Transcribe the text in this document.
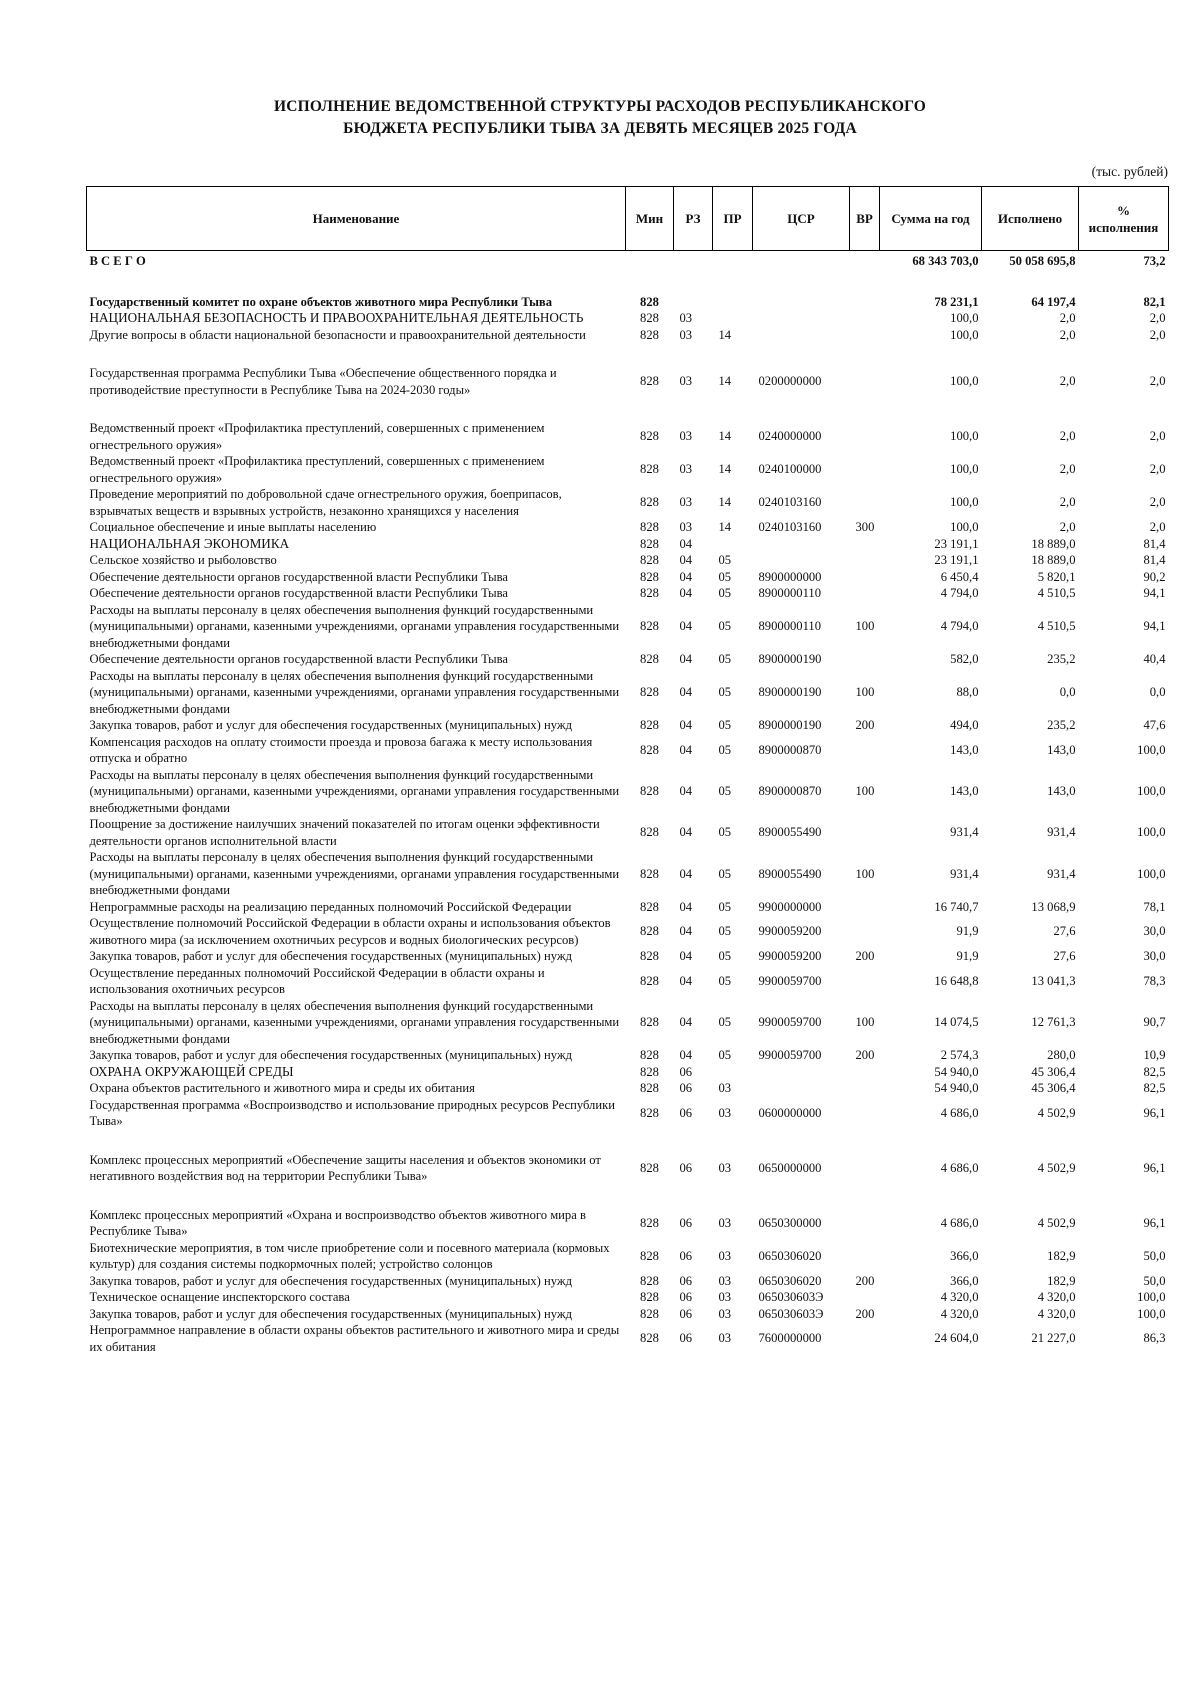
ИСПОЛНЕНИЕ ВЕДОМСТВЕННОЙ СТРУКТУРЫ РАСХОДОВ РЕСПУБЛИКАНСКОГО
БЮДЖЕТА РЕСПУБЛИКИ ТЫВА ЗА ДЕВЯТЬ МЕСЯЦЕВ 2025 ГОДА
(тыс. рублей)
Наименование	Мин	РЗ	ПР	ЦСР	ВР	Сумма на год	Исполнено	% исполнения
В С Е Г О						68 343 703,0	50 058 695,8	73,2
Государственный комитет по охране объектов животного мира Республики Тыва	828					78 231,1	64 197,4	82,1
НАЦИОНАЛЬНАЯ БЕЗОПАСНОСТЬ И ПРАВООХРАНИТЕЛЬНАЯ ДЕЯТЕЛЬНОСТЬ	828	03				100,0	2,0	2,0
Другие вопросы в области национальной безопасности и правоохранительной деятельности	828	03	14			100,0	2,0	2,0
Государственная программа Республики Тыва «Обеспечение общественного порядка и противодействие преступности в Республике Тыва на 2024-2030 годы»	828	03	14	0200000000		100,0	2,0	2,0
Ведомственный проект «Профилактика преступлений, совершенных с применением огнестрельного оружия»	828	03	14	0240000000		100,0	2,0	2,0
Ведомственный проект «Профилактика преступлений, совершенных с применением огнестрельного оружия»	828	03	14	0240100000		100,0	2,0	2,0
Проведение мероприятий по добровольной сдаче огнестрельного оружия, боеприпасов, взрывчатых веществ и взрывных устройств, незаконно хранящихся у населения	828	03	14	0240103160		100,0	2,0	2,0
Социальное обеспечение и иные выплаты населению	828	03	14	0240103160	300	100,0	2,0	2,0
НАЦИОНАЛЬНАЯ ЭКОНОМИКА	828	04				23 191,1	18 889,0	81,4
Сельское хозяйство и рыболовство	828	04	05			23 191,1	18 889,0	81,4
Обеспечение деятельности органов государственной власти Республики Тыва	828	04	05	8900000000		6 450,4	5 820,1	90,2
Обеспечение деятельности органов государственной власти Республики Тыва	828	04	05	8900000110		4 794,0	4 510,5	94,1
Расходы на выплаты персоналу в целях обеспечения выполнения функций государственными (муниципальными) органами, казенными учреждениями, органами управления государственными внебюджетными фондами	828	04	05	8900000110	100	4 794,0	4 510,5	94,1
Обеспечение деятельности органов государственной власти Республики Тыва	828	04	05	8900000190		582,0	235,2	40,4
Расходы на выплаты персоналу в целях обеспечения выполнения функций государственными (муниципальными) органами, казенными учреждениями, органами управления государственными внебюджетными фондами	828	04	05	8900000190	100	88,0	0,0	0,0
Закупка товаров, работ и услуг для обеспечения государственных (муниципальных) нужд	828	04	05	8900000190	200	494,0	235,2	47,6
Компенсация расходов на оплату стоимости проезда и провоза багажа к месту использования отпуска и обратно	828	04	05	8900000870		143,0	143,0	100,0
Расходы на выплаты персоналу в целях обеспечения выполнения функций государственными (муниципальными) органами, казенными учреждениями, органами управления государственными внебюджетными фондами	828	04	05	8900000870	100	143,0	143,0	100,0
Поощрение за достижение наилучших значений показателей по итогам оценки эффективности деятельности органов исполнительной власти	828	04	05	8900055490		931,4	931,4	100,0
Расходы на выплаты персоналу в целях обеспечения выполнения функций государственными (муниципальными) органами, казенными учреждениями, органами управления государственными внебюджетными фондами	828	04	05	8900055490	100	931,4	931,4	100,0
Непрограммные расходы на реализацию переданных полномочий Российской Федерации	828	04	05	9900000000		16 740,7	13 068,9	78,1
Осуществление полномочий Российской Федерации в области охраны и использования объектов животного мира (за исключением охотничьих ресурсов и водных биологических ресурсов)	828	04	05	9900059200		91,9	27,6	30,0
Закупка товаров, работ и услуг для обеспечения государственных (муниципальных) нужд	828	04	05	9900059200	200	91,9	27,6	30,0
Осуществление переданных полномочий Российской Федерации в области охраны и использования охотничьих ресурсов	828	04	05	9900059700		16 648,8	13 041,3	78,3
Расходы на выплаты персоналу в целях обеспечения выполнения функций государственными (муниципальными) органами, казенными учреждениями, органами управления государственными внебюджетными фондами	828	04	05	9900059700	100	14 074,5	12 761,3	90,7
Закупка товаров, работ и услуг для обеспечения государственных (муниципальных) нужд	828	04	05	9900059700	200	2 574,3	280,0	10,9
ОХРАНА ОКРУЖАЮЩЕЙ СРЕДЫ	828	06				54 940,0	45 306,4	82,5
Охрана объектов растительного и животного мира и среды их обитания	828	06	03			54 940,0	45 306,4	82,5
Государственная программа «Воспроизводство и использование природных ресурсов Республики Тыва»	828	06	03	0600000000		4 686,0	4 502,9	96,1
Комплекс процессных мероприятий «Обеспечение защиты населения и объектов экономики от негативного воздействия вод на территории Республики Тыва»	828	06	03	0650000000		4 686,0	4 502,9	96,1
Комплекс процессных мероприятий «Охрана и воспроизводство объектов животного мира в Республике Тыва»	828	06	03	0650300000		4 686,0	4 502,9	96,1
Биотехнические мероприятия, в том числе приобретение соли и посевного материала (кормовых культур) для создания системы подкормочных полей; устройство солонцов	828	06	03	0650306020		366,0	182,9	50,0
Закупка товаров, работ и услуг для обеспечения государственных (муниципальных) нужд	828	06	03	0650306020	200	366,0	182,9	50,0
Техническое оснащение инспекторского состава	828	06	03	065030603Э		4 320,0	4 320,0	100,0
Закупка товаров, работ и услуг для обеспечения государственных (муниципальных) нужд	828	06	03	065030603Э	200	4 320,0	4 320,0	100,0
Непрограммное направление в области охраны объектов растительного и животного мира и среды их обитания	828	06	03	7600000000		24 604,0	21 227,0	86,3
